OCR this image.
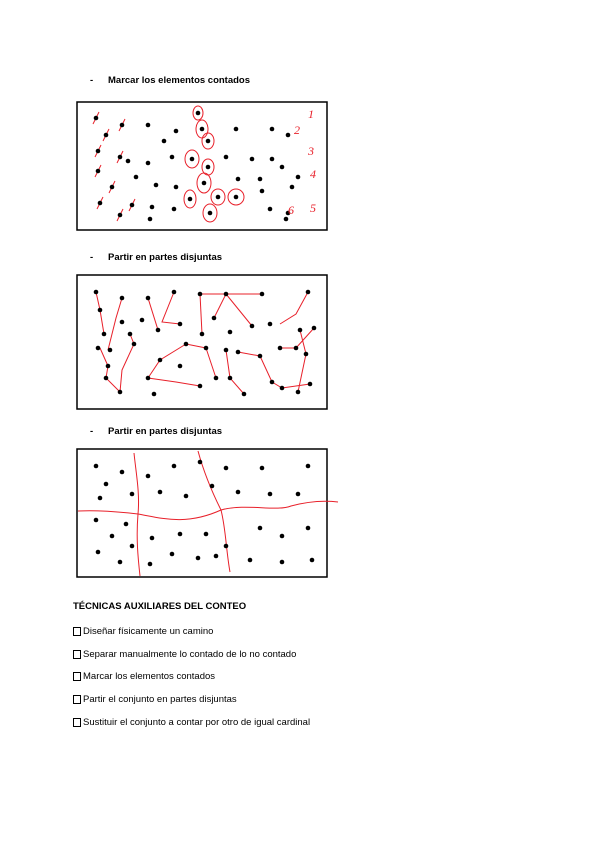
- Marcar los elementos contados
1
2
3
4
5
6
- Partir en partes disjuntas
- Partir en partes disjuntas
TÉCNICAS AUXILIARES DEL CONTEO
Diseñar físicamente un camino
Separar manualmente lo contado de lo no contado
Marcar los elementos contados
Partir el conjunto en partes disjuntas
Sustituir el conjunto a contar por otro de igual cardinal
